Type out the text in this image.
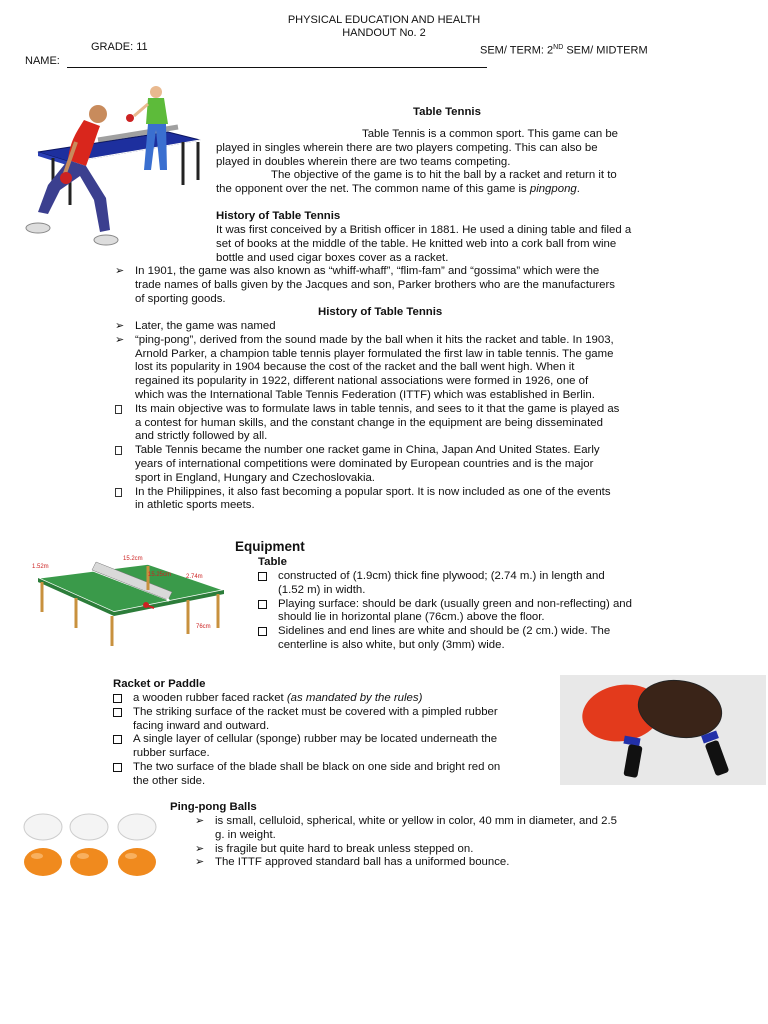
PHYSICAL EDUCATION AND HEALTH
HANDOUT No. 2
GRADE: 11	SEM/ TERM: 2ND SEM/ MIDTERM
NAME:
Table Tennis

Table Tennis is a common sport. This game can be

played in singles wherein there are two players competing. This can also be

played in doubles wherein there are two teams competing.

The objective of the game is to hit the ball by a racket and return it to

the opponent over the net. The common name of this game is pingpong.

History of Table Tennis

It was first conceived by a British officer in 1881. He used a dining table and filed a

set of books at the middle of the table. He knitted web into a cork ball from wine

bottle and used cigar boxes cover as a racket.

➢ In 1901, the game was also known as “whiff-whaff”, “flim-fam” and “gossima” which were the
trade names of balls given by the Jacques and son, Parker brothers who are the manufacturers
of sporting goods.
History of Table Tennis
➢ Later, the game was named
➢ “ping-pong”, derived from the sound made by the ball when it hits the racket and table. In 1903,
Arnold Parker, a champion table tennis player formulated the first law in table tennis. The game
lost its popularity in 1904 because the cost of the racket and the ball went high. When it
regained its popularity in 1922, different national associations were formed in 1926, one of
which was the International Table Tennis Federation (ITTF) which was established in Berlin.
Its main objective was to formulate laws in table tennis, and sees to it that the game is played as
a contest for human skills, and the constant change in the equipment are being disseminated
and strictly followed by all.
Table Tennis became the number one racket game in China, Japan And United States. Early
years of international competitions were dominated by European countries and is the major
sport in England, Hungary and Czechoslovakia.
In the Philippines, it also fast becoming a popular sport. It is now included as one of the events
in athletic sports meets.
1.52m
15.2cm
15.25cm 2.74m
76cm
Equipment
Table
constructed of (1.9cm) thick fine plywood; (2.74 m.) in length and
(1.52 m) in width.
Playing surface: should be dark (usually green and non-reflecting) and
should lie in horizontal plane (76cm.) above the floor.
Sidelines and end lines are white and should be (2 cm.) wide. The
centerline is also white, but only (3mm) wide.
Racket or Paddle
a wooden rubber faced racket (as mandated by the rules)
The striking surface of the racket must be covered with a pimpled rubber
facing inward and outward.
A single layer of cellular (sponge) rubber may be located underneath the
rubber surface.
The two surface of the blade shall be black on one side and bright red on
the other side.
Ping-pong Balls
➢ is small, celluloid, spherical, white or yellow in color, 40 mm in diameter, and 2.5
g. in weight.
➢ is fragile but quite hard to break unless stepped on.
➢ The ITTF approved standard ball has a uniformed bounce.
